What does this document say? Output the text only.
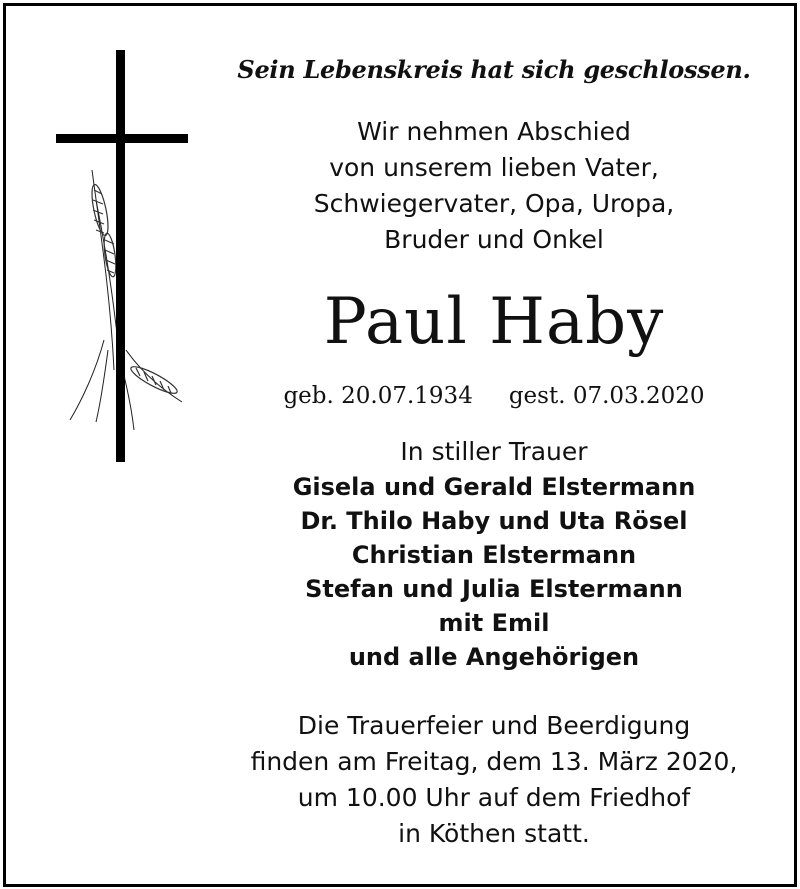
Sein Lebenskreis hat sich geschlossen.
Wir nehmen Abschied
von unserem lieben Vater,
Schwiegervater, Opa, Uropa,
Bruder und Onkel
Paul Haby
geb. 20.07.1934 gest. 07.03.2020
In stiller Trauer
Gisela und Gerald Elstermann
Dr. Thilo Haby und Uta Rösel
Christian Elstermann
Stefan und Julia Elstermann
mit Emil
und alle Angehörigen
Die Trauerfeier und Beerdigung
finden am Freitag, dem 13. März 2020,
um 10.00 Uhr auf dem Friedhof
in Köthen statt.
